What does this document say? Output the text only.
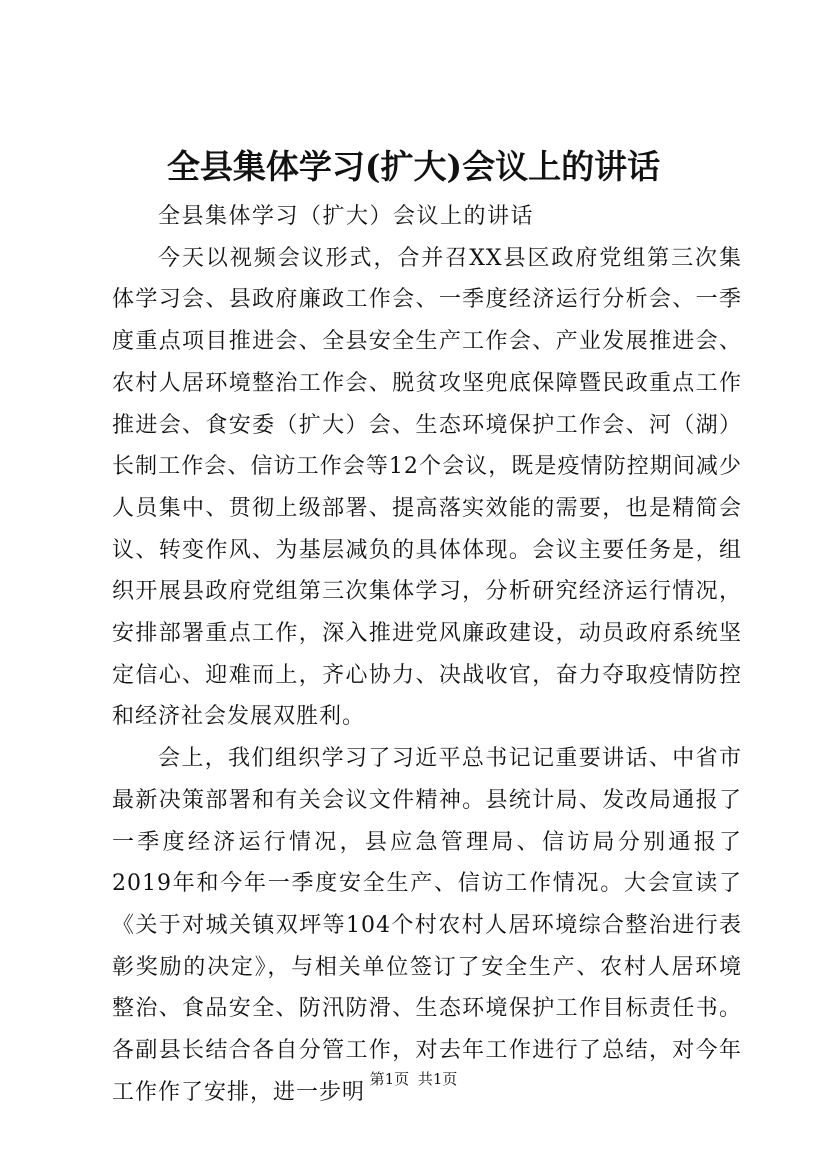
全县集体学习(扩大)会议上的讲话

全县集体学习（扩大）会议上的讲话

今天以视频会议形式，合并召XX县区政府党组第三次集体学习会、县政府廉政工作会、一季度经济运行分析会、一季度重点项目推进会、全县安全生产工作会、产业发展推进会、农村人居环境整治工作会、脱贫攻坚兜底保障暨民政重点工作推进会、食安委（扩大）会、生态环境保护工作会、河（湖）长制工作会、信访工作会等12个会议，既是疫情防控期间减少人员集中、贯彻上级部署、提高落实效能的需要，也是精简会议、转变作风、为基层减负的具体体现。会议主要任务是，组织开展县政府党组第三次集体学习，分析研究经济运行情况，安排部署重点工作，深入推进党风廉政建设，动员政府系统坚定信心、迎难而上，齐心协力、决战收官，奋力夺取疫情防控和经济社会发展双胜利。

会上，我们组织学习了习近平总书记记重要讲话、中省市最新决策部署和有关会议文件精神。县统计局、发改局通报了一季度经济运行情况，县应急管理局、信访局分别通报了2019年和今年一季度安全生产、信访工作情况。大会宣读了《关于对城关镇双坪等104个村农村人居环境综合整治进行表彰奖励的决定》，与相关单位签订了安全生产、农村人居环境整治、食品安全、防汛防滑、生态环境保护工作目标责任书。各副县长结合各自分管工作，对去年工作进行了总结，对今年工作作了安排，进一步明

第1页 共1页
